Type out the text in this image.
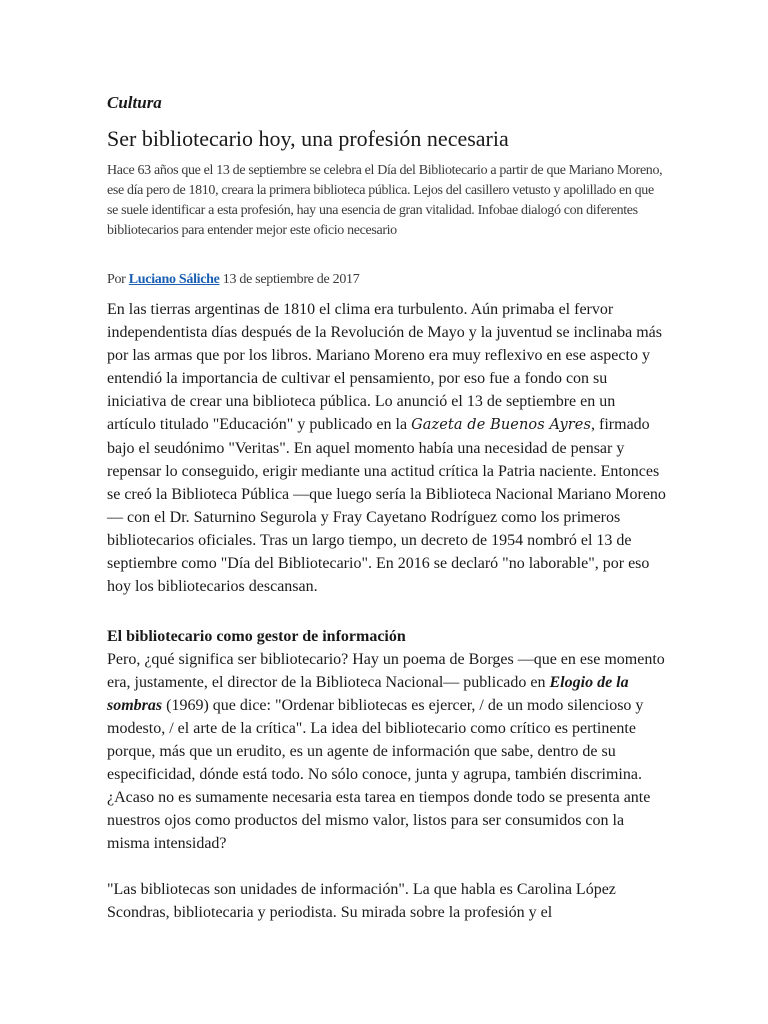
Cultura

Ser bibliotecario hoy, una profesión necesaria

Hace 63 años que el 13 de septiembre se celebra el Día del Bibliotecario a partir de que Mariano Moreno, ese día pero de 1810, creara la primera biblioteca pública. Lejos del casillero vetusto y apolillado en que se suele identificar a esta profesión, hay una esencia de gran vitalidad. Infobae dialogó con diferentes bibliotecarios para entender mejor este oficio necesario

Por Luciano Sáliche 13 de septiembre de 2017

En las tierras argentinas de 1810 el clima era turbulento. Aún primaba el fervor independentista días después de la Revolución de Mayo y la juventud se inclinaba más por las armas que por los libros. Mariano Moreno era muy reflexivo en ese aspecto y entendió la importancia de cultivar el pensamiento, por eso fue a fondo con su iniciativa de crear una biblioteca pública. Lo anunció el 13 de septiembre en un artículo titulado "Educación" y publicado en la Gazeta de Buenos Ayres, firmado bajo el seudónimo "Veritas". En aquel momento había una necesidad de pensar y repensar lo conseguido, erigir mediante una actitud crítica la Patria naciente. Entonces se creó la Biblioteca Pública —que luego sería la Biblioteca Nacional Mariano Moreno— con el Dr. Saturnino Segurola y Fray Cayetano Rodríguez como los primeros bibliotecarios oficiales. Tras un largo tiempo, un decreto de 1954 nombró el 13 de septiembre como "Día del Bibliotecario". En 2016 se declaró "no laborable", por eso hoy los bibliotecarios descansan.

El bibliotecario como gestor de información

Pero, ¿qué significa ser bibliotecario? Hay un poema de Borges —que en ese momento era, justamente, el director de la Biblioteca Nacional— publicado en Elogio de la sombras (1969) que dice: "Ordenar bibliotecas es ejercer, / de un modo silencioso y modesto, / el arte de la crítica". La idea del bibliotecario como crítico es pertinente porque, más que un erudito, es un agente de información que sabe, dentro de su especificidad, dónde está todo. No sólo conoce, junta y agrupa, también discrimina. ¿Acaso no es sumamente necesaria esta tarea en tiempos donde todo se presenta ante nuestros ojos como productos del mismo valor, listos para ser consumidos con la misma intensidad?

"Las bibliotecas son unidades de información". La que habla es Carolina López Scondras, bibliotecaria y periodista. Su mirada sobre la profesión y el
